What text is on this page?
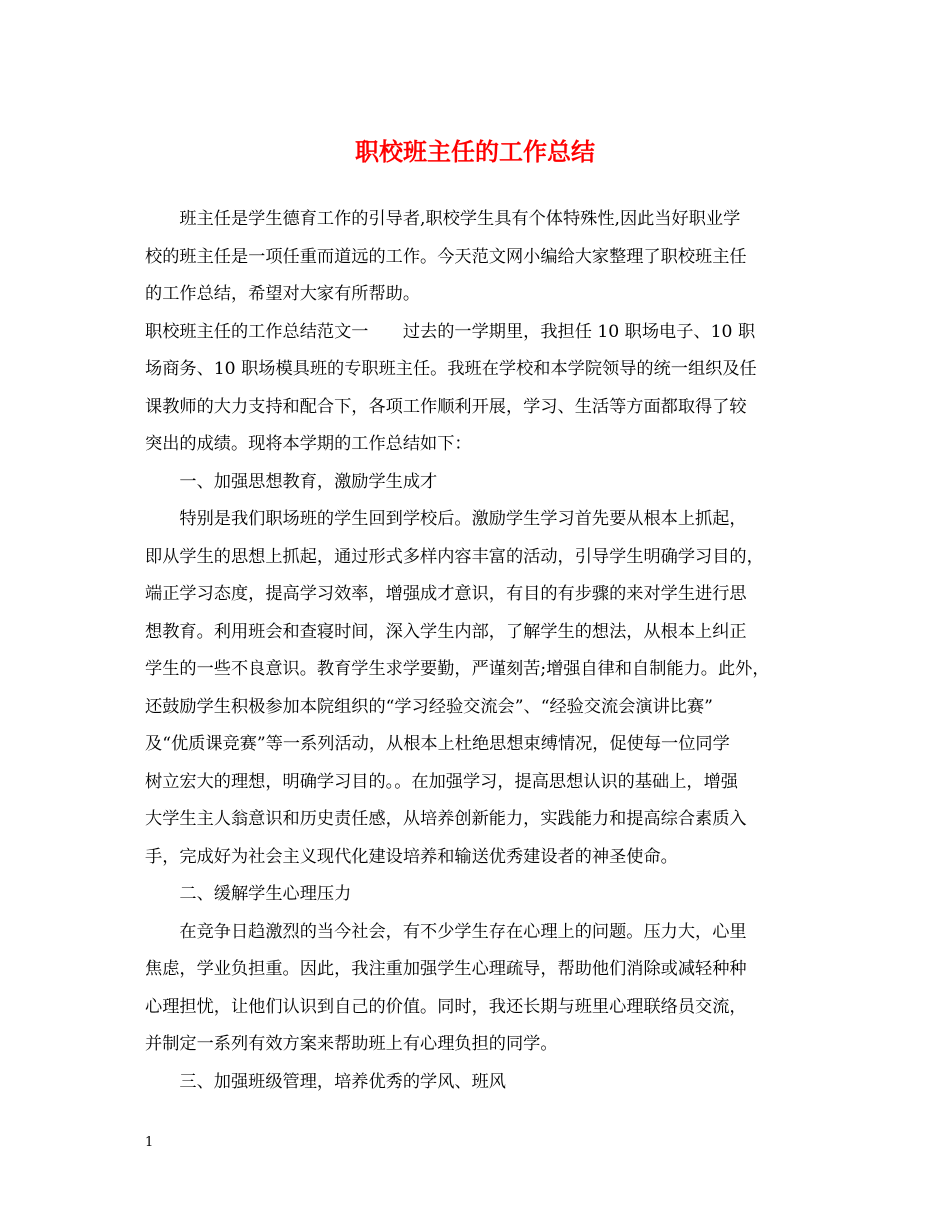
职校班主任的工作总结
　　班主任是学生德育工作的引导者,职校学生具有个体特殊性,因此当好职业学
校的班主任是一项任重而道远的工作。今天范文网小编给大家整理了职校班主任
的工作总结，希望对大家有所帮助。
职校班主任的工作总结范文一　　过去的一学期里，我担任 10 职场电子、10 职
场商务、10 职场模具班的专职班主任。我班在学校和本学院领导的统一组织及任
课教师的大力支持和配合下，各项工作顺利开展，学习、生活等方面都取得了较
突出的成绩。现将本学期的工作总结如下：
　　一、加强思想教育，激励学生成才
　　特别是我们职场班的学生回到学校后。激励学生学习首先要从根本上抓起，
即从学生的思想上抓起，通过形式多样内容丰富的活动，引导学生明确学习目的，
端正学习态度，提高学习效率，增强成才意识，有目的有步骤的来对学生进行思
想教育。利用班会和查寝时间，深入学生内部，了解学生的想法，从根本上纠正
学生的一些不良意识。教育学生求学要勤，严谨刻苦;增强自律和自制能力。此外，
还鼓励学生积极参加本院组织的“学习经验交流会”、“经验交流会演讲比赛”
及“优质课竞赛”等一系列活动，从根本上杜绝思想束缚情况，促使每一位同学
树立宏大的理想，明确学习目的。。在加强学习，提高思想认识的基础上，增强
大学生主人翁意识和历史责任感，从培养创新能力，实践能力和提高综合素质入
手，完成好为社会主义现代化建设培养和输送优秀建设者的神圣使命。
　　二、缓解学生心理压力
　　在竞争日趋激烈的当今社会，有不少学生存在心理上的问题。压力大，心里
焦虑，学业负担重。因此，我注重加强学生心理疏导，帮助他们消除或减轻种种
心理担忧，让他们认识到自己的价值。同时，我还长期与班里心理联络员交流，
并制定一系列有效方案来帮助班上有心理负担的同学。
　　三、加强班级管理，培养优秀的学风、班风
1
